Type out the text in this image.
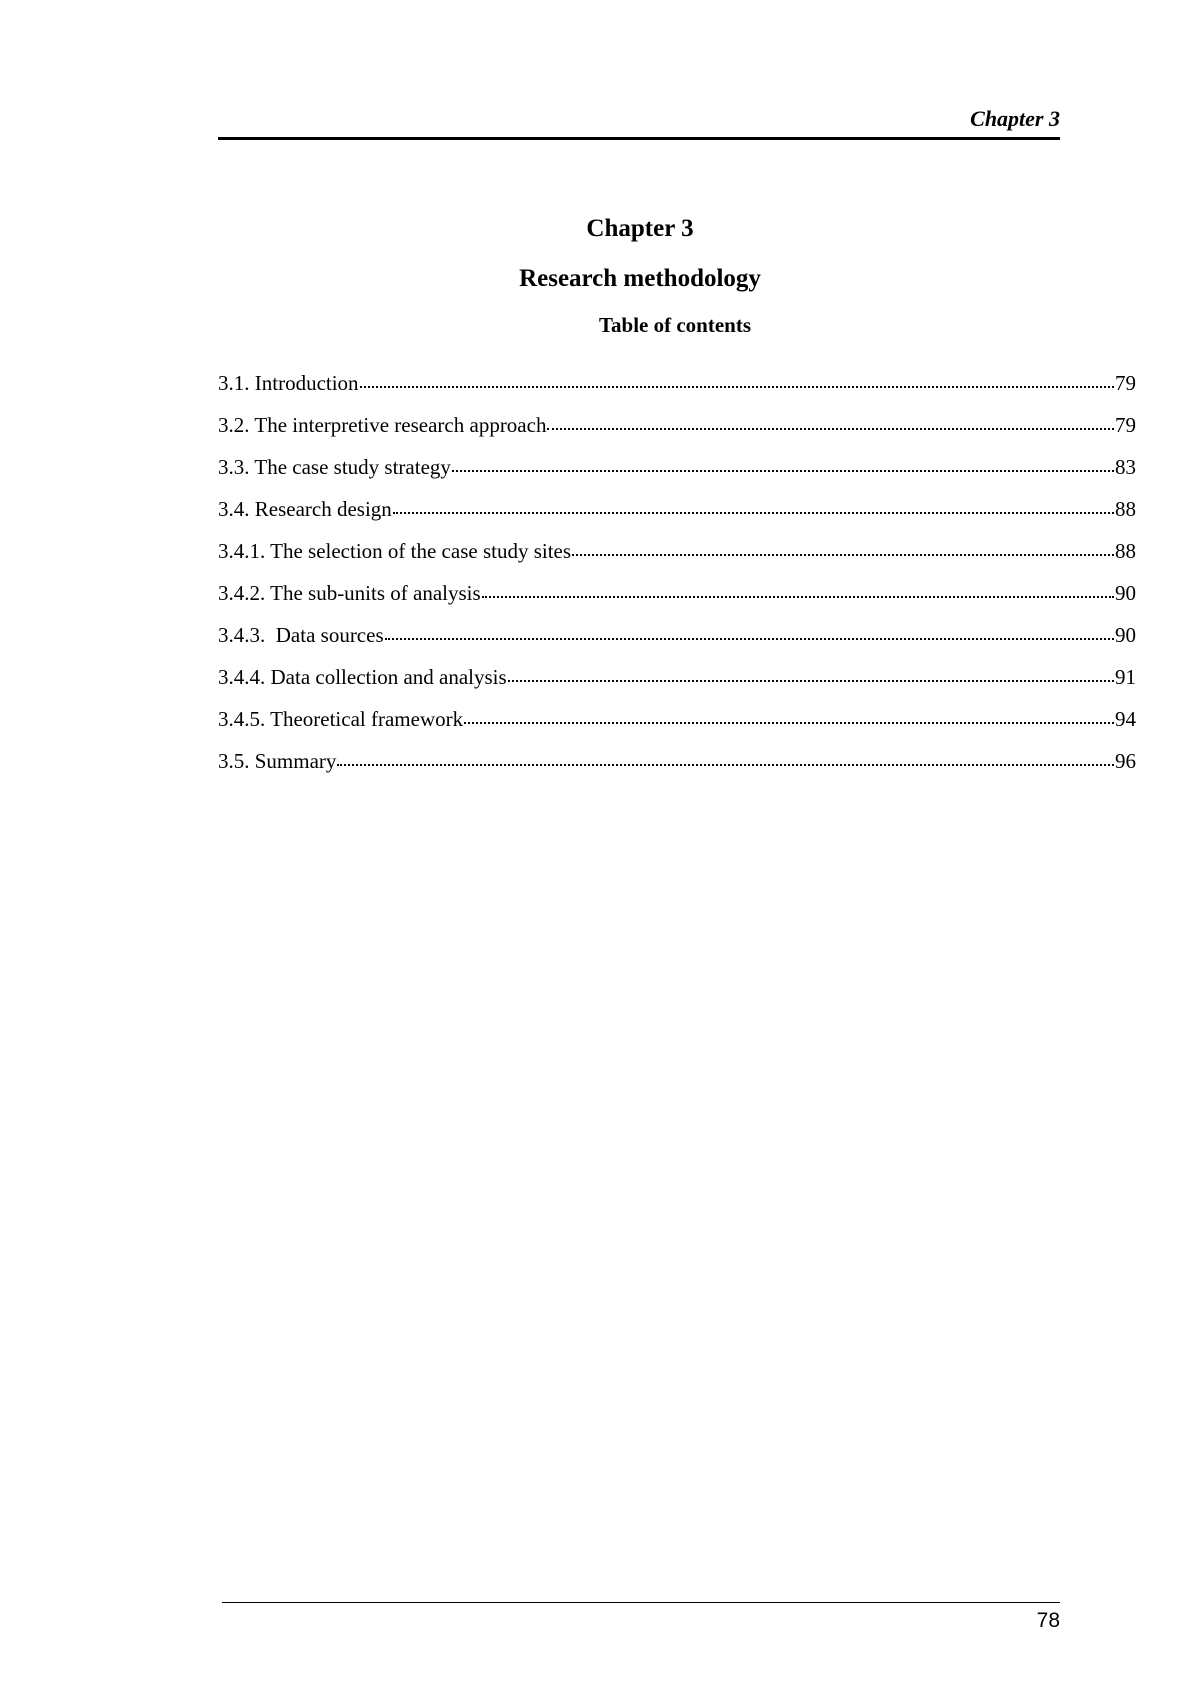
Chapter 3
Chapter 3
Research methodology
Table of contents
3.1. Introduction	79
3.2. The interpretive research approach	79
3.3. The case study strategy	83
3.4. Research design	88
3.4.1. The selection of the case study sites	88
3.4.2. The sub-units of analysis	90
3.4.3.  Data sources	90
3.4.4. Data collection and analysis	91
3.4.5. Theoretical framework	94
3.5. Summary	96
78
